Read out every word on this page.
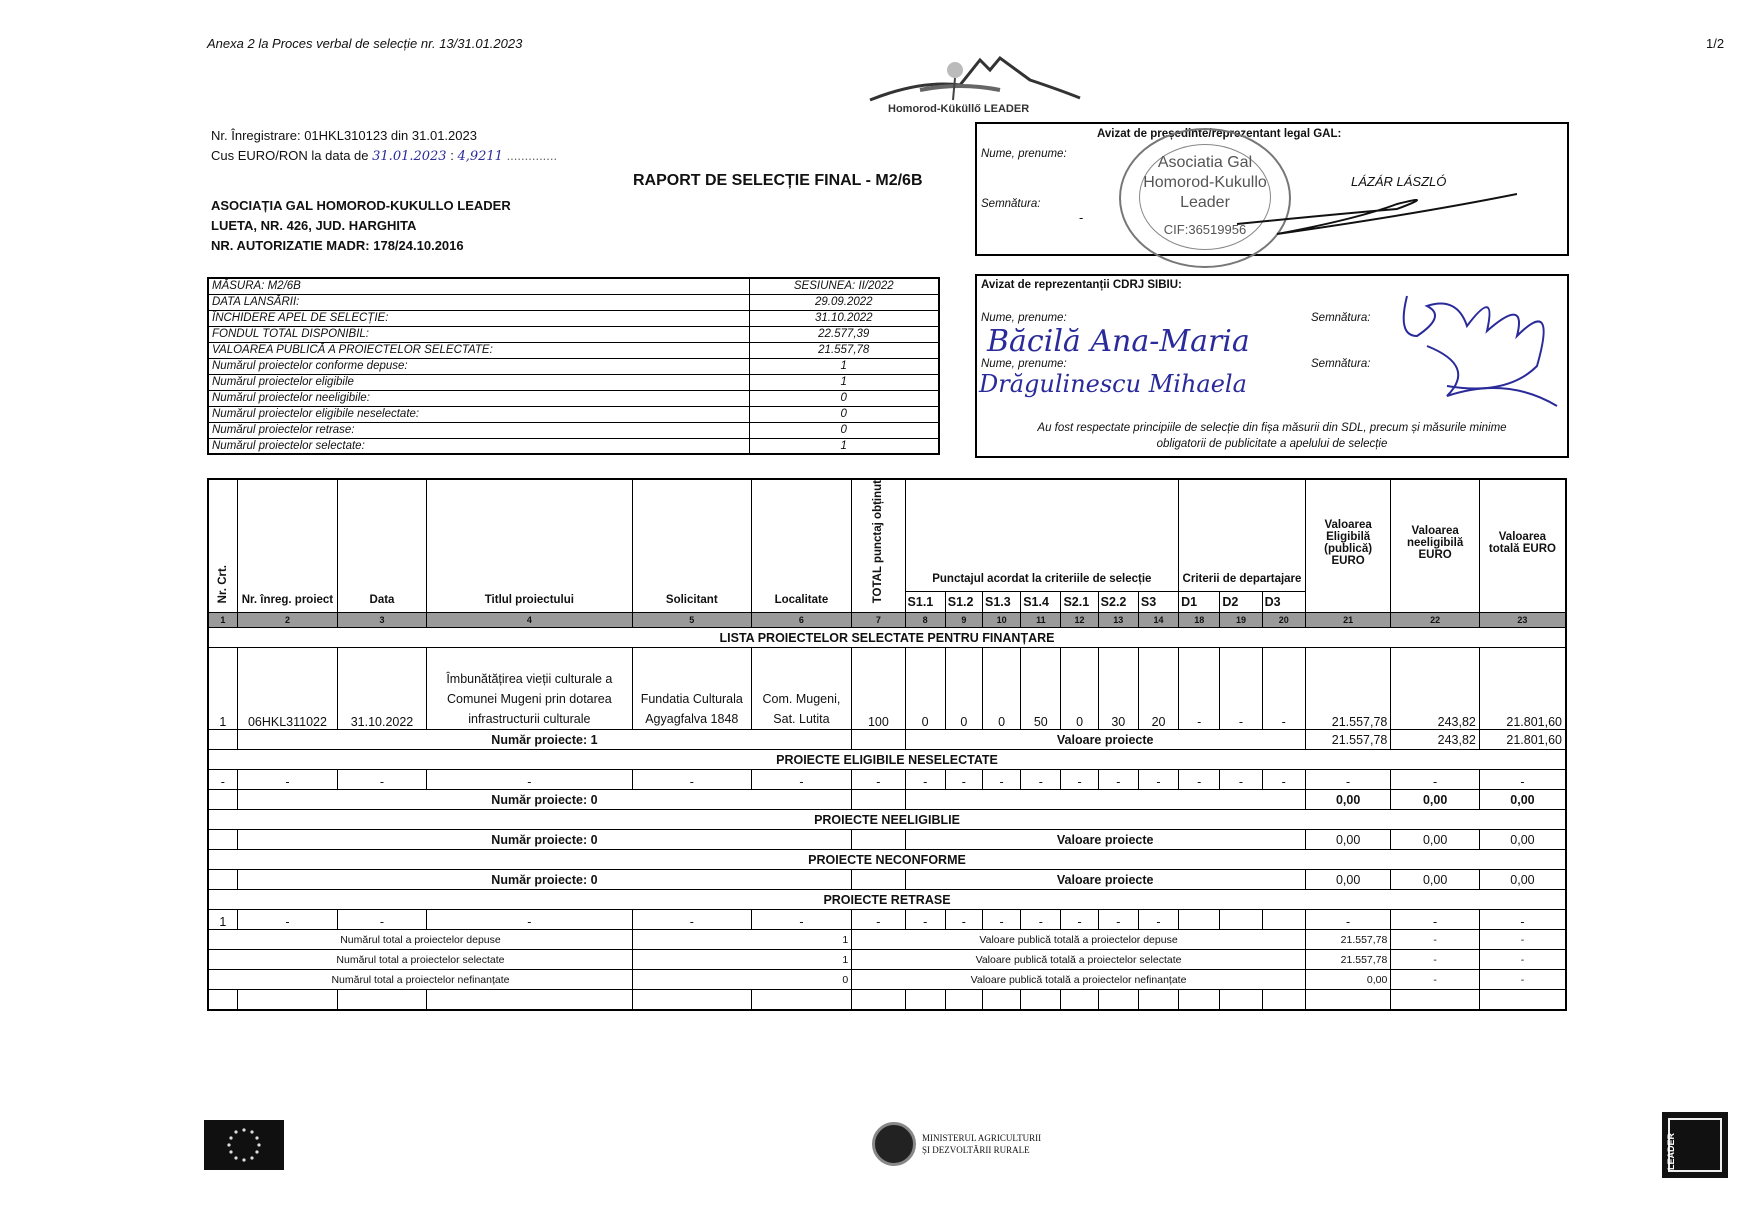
Anexa 2 la Proces verbal de selecție nr. 13/31.01.2023	1/2
Homorod-Küküllő LEADER
Nr. Înregistrare: 01HKL310123 din 31.01.2023
Cus EURO/RON la data de 31.01.2023 : 4,9211 ..............
RAPORT DE SELECȚIE FINAL - M2/6B
ASOCIAȚIA GAL HOMOROD-KUKULLO LEADER
LUETA, NR. 426, JUD. HARGHITA
NR. AUTORIZATIE MADR: 178/24.10.2016
MĂSURA: M2/6B	SESIUNEA: II/2022
DATA LANSĂRII:	29.09.2022
ÎNCHIDERE APEL DE SELECȚIE:	31.10.2022
FONDUL TOTAL DISPONIBIL:	22.577,39
VALOAREA PUBLICĂ A PROIECTELOR SELECTATE:	21.557,78
Numărul proiectelor conforme depuse:	1
Numărul proiectelor eligibile	1
Numărul proiectelor neeligibile:	0
Numărul proiectelor eligibile neselectate:	0
Numărul proiectelor retrase:	0
Numărul proiectelor selectate:	1
Avizat de președinte/reprezentant legal GAL:
Nume, prenume:
Semnătura:
-
LÁZÁR LÁSZLÓ
Asociatia Gal
Homorod-Kukullo
Leader
CIF:36519956
Avizat de reprezentanții CDRJ SIBIU:
Nume, prenume:	Semnătura:
Băcilă Ana-Maria
Nume, prenume:	Semnătura:
Drăgulinescu Mihaela
Au fost respectate principiile de selecție din fișa măsurii din SDL, precum și măsurile minime
obligatorii de publicitate a apelului de selecție
Nr. Crt.	Nr. înreg. proiect	Data	Titlul proiectului	Solicitant	Localitate	TOTAL punctaj obținut	Punctajul acordat la criteriile de selecție							Criterii de departajare			Valoarea Eligibilă (publică) EURO	Valoarea neeligibilă EURO	Valoarea totală EURO
							S1.1	S1.2	S1.3	S1.4	S2.1	S2.2	S3	D1	D2	D3			
1	2	3	4	5	6	7	8	9	10	11	12	13	14	18	19	20	21	22	23
LISTA PROIECTELOR SELECTATE PENTRU FINANȚARE																			
1	06HKL311022	31.10.2022	Îmbunătățirea vieții culturale a Comunei Mugeni prin dotarea infrastructurii culturale	Fundatia Culturala Agyagfalva 1848	Com. Mugeni, Sat. Lutita	100	0	0	0	50	0	30	20	-	-	-	21.557,78	243,82	21.801,60
	Număr proiecte: 1						Valoare proiecte										21.557,78	243,82	21.801,60
PROIECTE ELIGIBILE NESELECTATE																			
-	-	-	-	-	-	-	-	-	-	-	-	-	-	-	-	-	-	-	-
	Număr proiecte: 0																0,00	0,00	0,00
PROIECTE NEELIGIBLIE																			
	Număr proiecte: 0						Valoare proiecte										0,00	0,00	0,00
PROIECTE NECONFORME																			
	Număr proiecte: 0						Valoare proiecte										0,00	0,00	0,00
PROIECTE RETRASE																			
1	-	-	-	-	-	-	-	-	-	-	-	-	-				-	-	-
Numărul total a proiectelor depuse				1		Valoare publică totală a proiectelor depuse											21.557,78	-	-
Numărul total a proiectelor selectate				1		Valoare publică totală a proiectelor selectate											21.557,78	-	-
Numărul total a proiectelor nefinanțate				0		Valoare publică totală a proiectelor nefinanțate											0,00	-	-

MINISTERUL AGRICULTURII
ȘI DEZVOLTĂRII RURALE	LEADER
